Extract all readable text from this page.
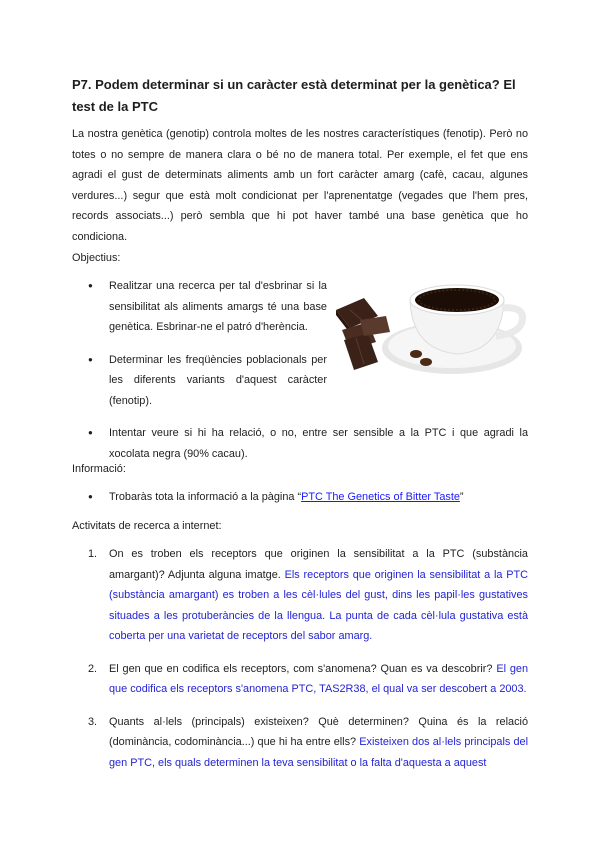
P7. Podem determinar si un caràcter està determinat per la genètica? El test de la PTC

La nostra genètica (genotip) controla moltes de les nostres característiques (fenotip). Però no totes o no sempre de manera clara o bé no de manera total. Per exemple, el fet que ens agradi el gust de determinats aliments amb un fort caràcter amarg (cafè, cacau, algunes verdures...) segur que està molt condicionat per l'aprenentatge (vegades que l'hem pres, records associats...) però sembla que hi pot haver també una base genètica que ho condiciona.

Objectius:
● Realitzar una recerca per tal d'esbrinar si la sensibilitat als aliments amargs té una base genètica. Esbrinar-ne el patró d'herència.
● Determinar les freqüències poblacionals per les diferents variants d'aquest caràcter (fenotip).
● Intentar veure si hi ha relació, o no, entre ser sensible a la PTC i que agradi la xocolata negra (90% cacau).
Informació:
● Trobaràs tota la informació a la pàgina “PTC The Genetics of Bitter Taste”
Activitats de recerca a internet:
1. On es troben els receptors que originen la sensibilitat a la PTC (substància amargant)? Adjunta alguna imatge. Els receptors que originen la sensibilitat a la PTC (substància amargant) es troben a les cèl·lules del gust, dins les papil·les gustatives situades a les protuberàncies de la llengua. La punta de cada cèl·lula gustativa està coberta per una varietat de receptors del sabor amarg.
2. El gen que en codifica els receptors, com s'anomena? Quan es va descobrir? El gen que codifica els receptors s'anomena PTC, TAS2R38, el qual va ser descobert a 2003.
3. Quants al·lels (principals) existeixen? Què determinen? Quina és la relació (dominància, codominància...) que hi ha entre ells? Existeixen dos al·lels principals del gen PTC, els quals determinen la teva sensibilitat o la falta d'aquesta a aquest
